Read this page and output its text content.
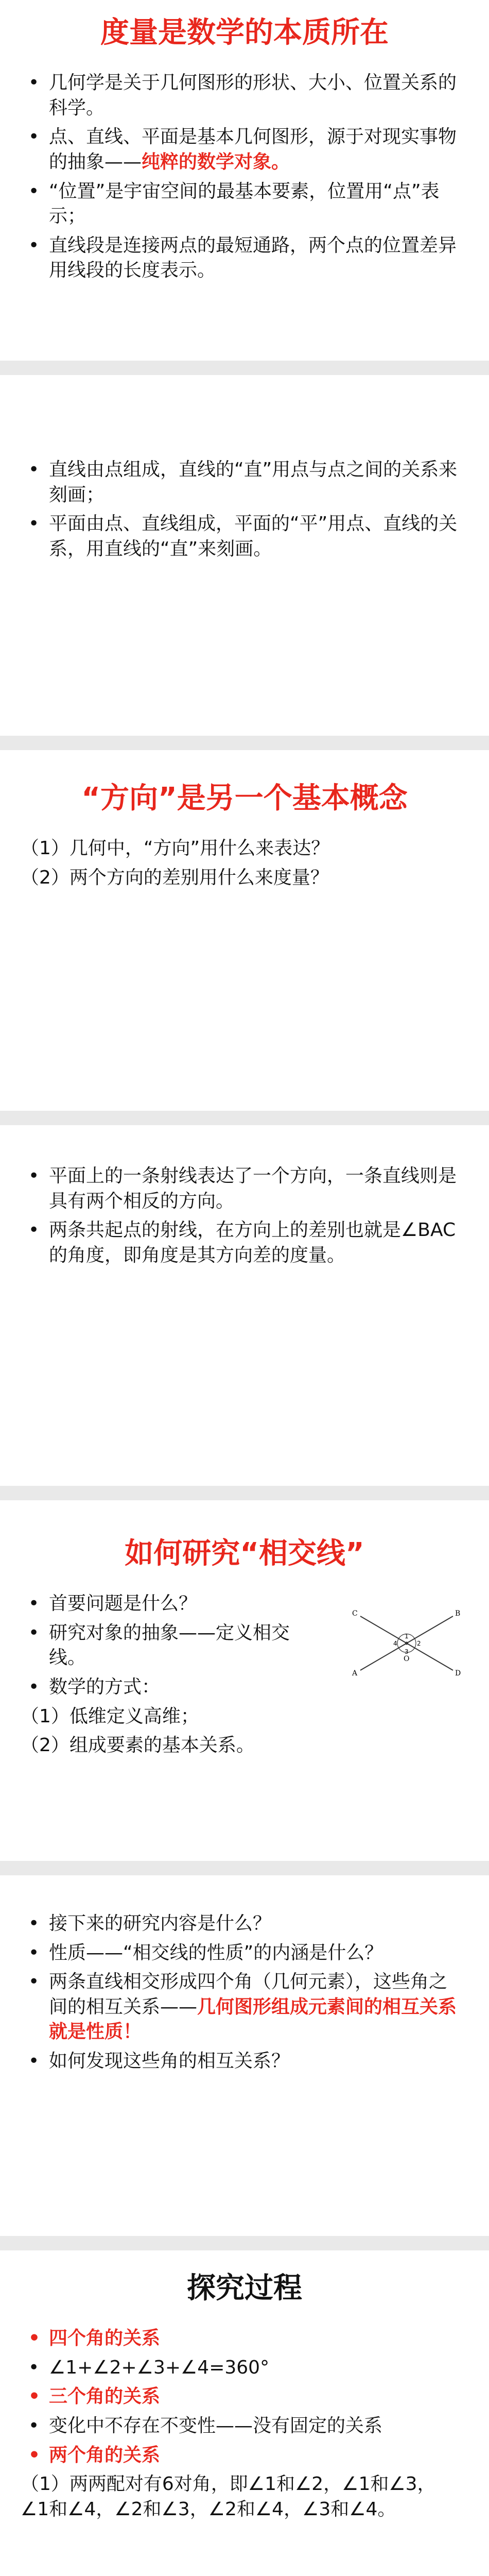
度量是数学的本质所在
• 几何学是关于几何图形的形状、大小、位置关系的科学。
• 点、直线、平面是基本几何图形，源于对现实事物的抽象——纯粹的数学对象。
• “位置”是宇宙空间的最基本要素，位置用“点”表示；
• 直线段是连接两点的最短通路，两个点的位置差异用线段的长度表示。
• 直线由点组成，直线的“直”用点与点之间的关系来刻画；
• 平面由点、直线组成，平面的“平”用点、直线的关系，用直线的“直”来刻画。
“方向”是另一个基本概念
（1）几何中，“方向”用什么来表达？
（2）两个方向的差别用什么来度量？
• 平面上的一条射线表达了一个方向，一条直线则是具有两个相反的方向。
• 两条共起点的射线，在方向上的差别也就是∠BAC的角度，即角度是其方向差的度量。
如何研究“相交线”
• 首要问题是什么？
• 研究对象的抽象——定义相交线。
• 数学的方式：
（1）低维定义高维；
（2）组成要素的基本关系。
C
A
B
D
O
1
2
3
4
• 接下来的研究内容是什么？
• 性质——“相交线的性质”的内涵是什么？
• 两条直线相交形成四个角（几何元素），这些角之间的相互关系——几何图形组成元素间的相互关系就是性质！
• 如何发现这些角的相互关系？
探究过程
• 四个角的关系
• ∠1+∠2+∠3+∠4=360°
• 三个角的关系
• 变化中不存在不变性——没有固定的关系
• 两个角的关系
（1）两两配对有6对角，即∠1和∠2，∠1和∠3，∠1和∠4，∠2和∠3，∠2和∠4，∠3和∠4。
